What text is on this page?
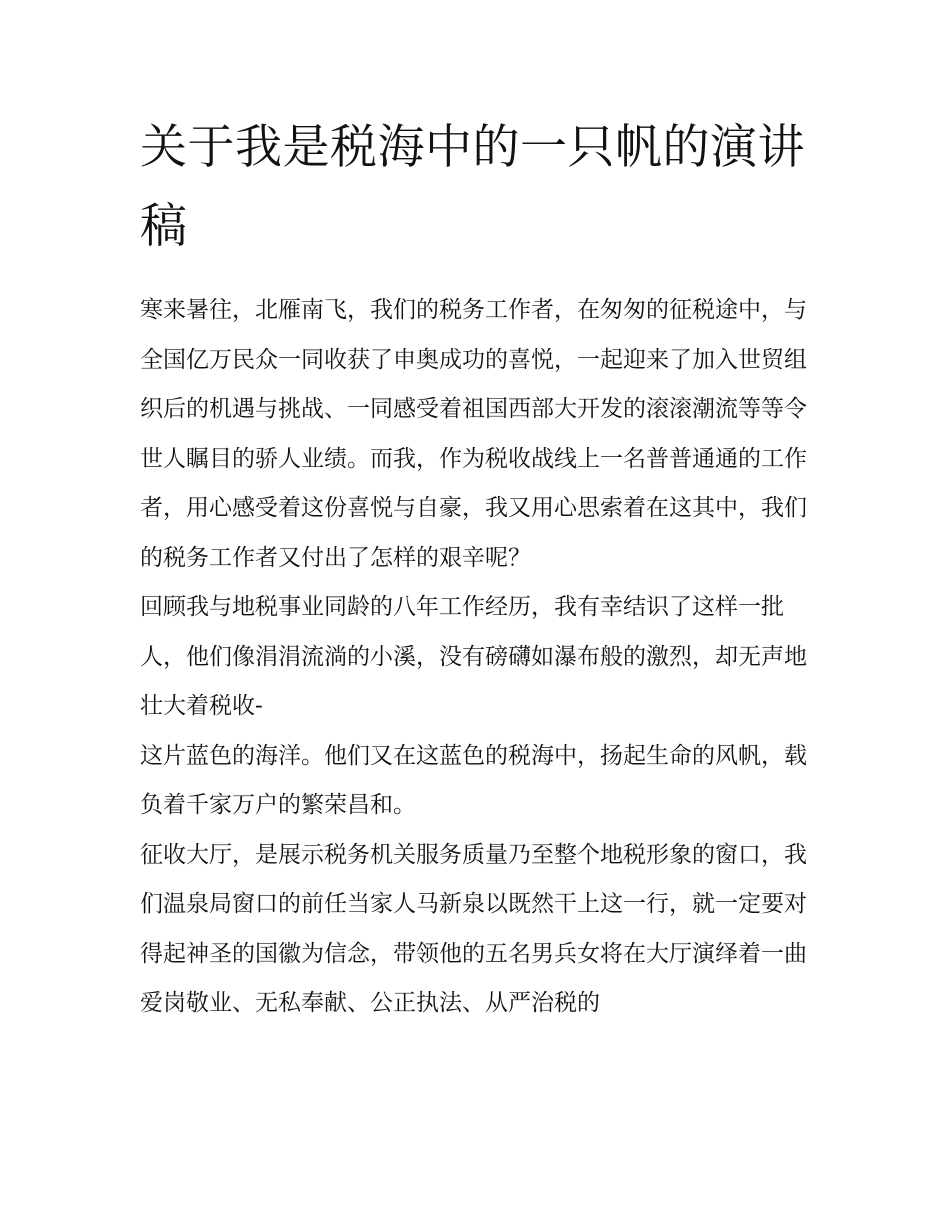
关于我是税海中的一只帆的演讲稿

寒来暑往，北雁南飞，我们的税务工作者，在匆匆的征税途中，与全国亿万民众一同收获了申奥成功的喜悦，一起迎来了加入世贸组织后的机遇与挑战、一同感受着祖国西部大开发的滚滚潮流等等令世人瞩目的骄人业绩。而我，作为税收战线上一名普普通通的工作者，用心感受着这份喜悦与自豪，我又用心思索着在这其中，我们的税务工作者又付出了怎样的艰辛呢？

回顾我与地税事业同龄的八年工作经历，我有幸结识了这样一批人，他们像涓涓流淌的小溪，没有磅礴如瀑布般的激烈，却无声地壮大着税收-

这片蓝色的海洋。他们又在这蓝色的税海中，扬起生命的风帆，载负着千家万户的繁荣昌和。

征收大厅，是展示税务机关服务质量乃至整个地税形象的窗口，我们温泉局窗口的前任当家人马新泉以既然干上这一行，就一定要对得起神圣的国徽为信念，带领他的五名男兵女将在大厅演绎着一曲爱岗敬业、无私奉献、公正执法、从严治税的
